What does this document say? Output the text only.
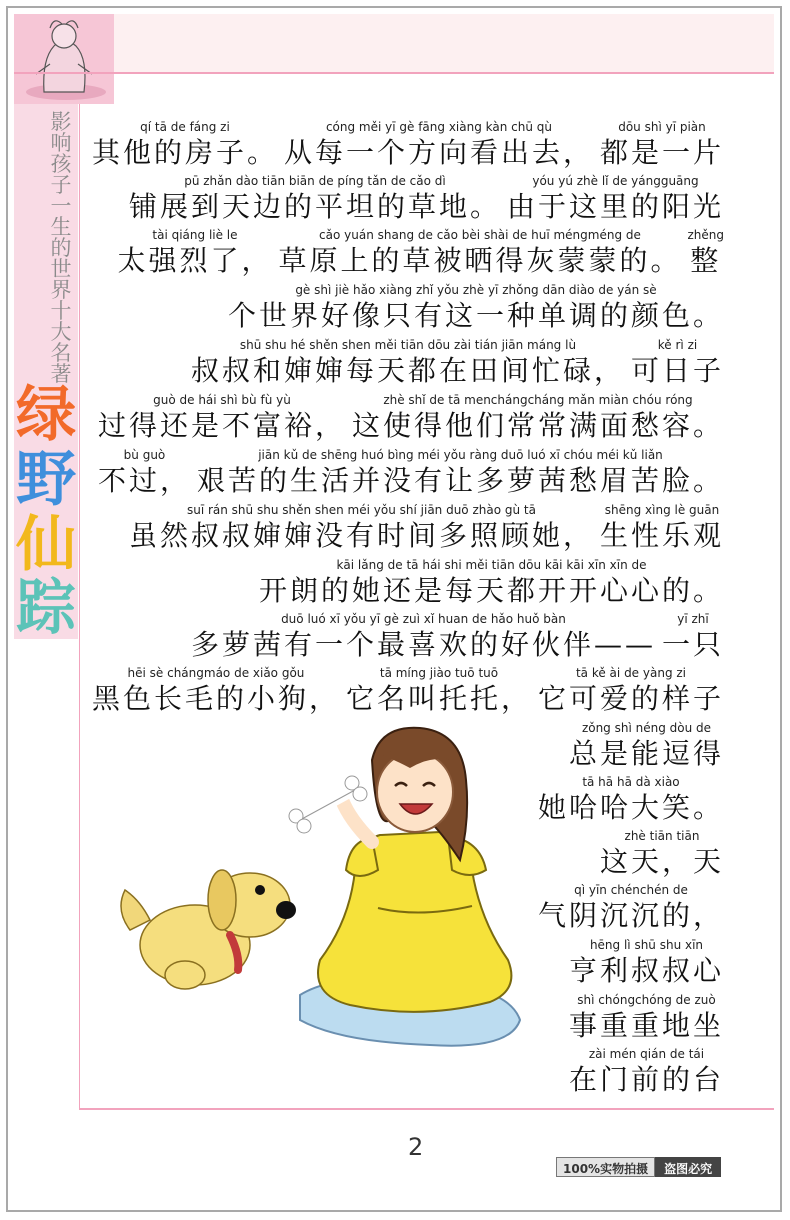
影响孩子一生的世界十大名著
绿
野
仙
踪
qí tā de fáng zi
其他的房子。
cóng měi yī gè fāng xiàng kàn chū qù
从每一个方向看出去，
dōu shì yī piàn
都是一片
pū zhǎn dào tiān biān de píng tǎn de cǎo dì
铺展到天边的平坦的草地。
yóu yú zhè lǐ de yángguāng
由于这里的阳光
tài qiáng liè le
太强烈了，
cǎo yuán shang de cǎo bèi shài de huī méngméng de
草原上的草被晒得灰蒙蒙的。
zhěng
整
gè shì jiè hǎo xiàng zhǐ yǒu zhè yī zhǒng dān diào de yán sè
个世界好像只有这一种单调的颜色。
shū shu hé shěn shen měi tiān dōu zài tián jiān máng lù
叔叔和婶婶每天都在田间忙碌，
kě rì zi
可日子
guò de hái shì bù fù yù
过得还是不富裕，
zhè shǐ de tā menchángcháng mǎn miàn chóu róng
这使得他们常常满面愁容。
bù guò
不过，
jiān kǔ de shēng huó bìng méi yǒu ràng duō luó xī chóu méi kǔ liǎn
艰苦的生活并没有让多萝茜愁眉苦脸。
suī rán shū shu shěn shen méi yǒu shí jiān duō zhào gù tā
虽然叔叔婶婶没有时间多照顾她，
shēng xìng lè guān
生性乐观
kāi lǎng de tā hái shi měi tiān dōu kāi kāi xīn xīn de
开朗的她还是每天都开开心心的。
duō luó xī yǒu yī gè zuì xǐ huan de hǎo huǒ bàn
多萝茜有一个最喜欢的好伙伴——
yī zhī
一只
hēi sè chángmáo de xiǎo gǒu
黑色长毛的小狗，
tā míng jiào tuō tuō
它名叫托托，
tā kě ài de yàng zi
它可爱的样子
zǒng shì néng dòu de
总是能逗得
tā hā hā dà xiào
她哈哈大笑。
zhè tiān tiān
这天，天
qì yīn chénchén de
气阴沉沉的，
hēng lì shū shu xīn
亨利叔叔心
shì chóngchóng de zuò
事重重地坐
zài mén qián de tái
在门前的台
2
100%实物拍摄	盗图必究
